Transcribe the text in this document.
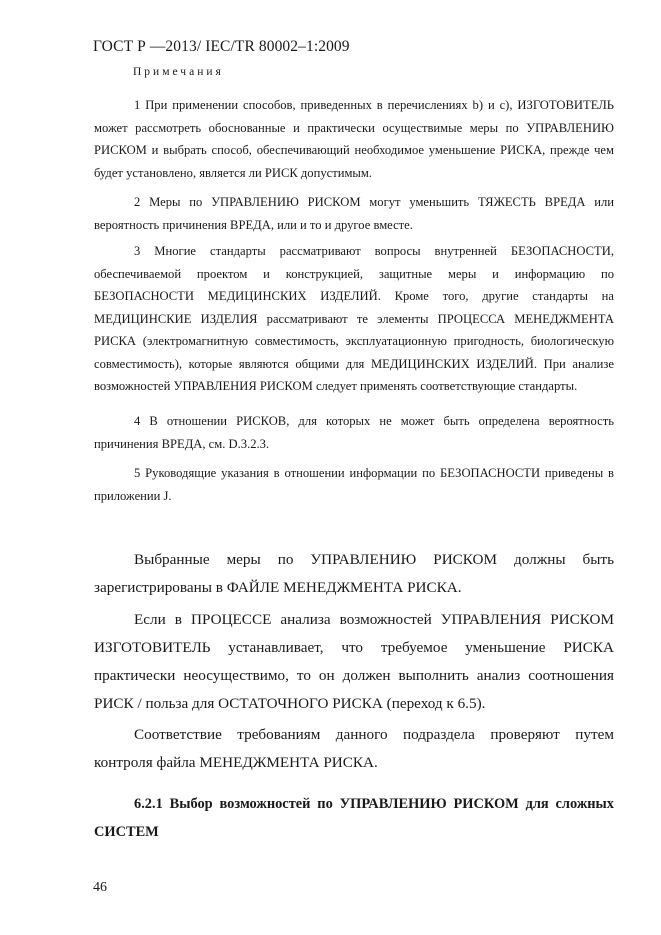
ГОСТ Р —2013/ IEC/TR 80002–1:2009
Примечания

1 При применении способов, приведенных в перечислениях b) и c), ИЗГОТОВИТЕЛЬ может рассмотреть обоснованные и практически осуществимые меры по УПРАВЛЕНИЮ РИСКОМ и выбрать способ, обеспечивающий необходимое уменьшение РИСКА, прежде чем будет установлено, является ли РИСК допустимым.

2 Меры по УПРАВЛЕНИЮ РИСКОМ могут уменьшить ТЯЖЕСТЬ ВРЕДА или вероятность причинения ВРЕДА, или и то и другое вместе.

3 Многие стандарты рассматривают вопросы внутренней БЕЗОПАСНОСТИ, обеспечиваемой проектом и конструкцией, защитные меры и информацию по БЕЗОПАСНОСТИ МЕДИЦИНСКИХ ИЗДЕЛИЙ. Кроме того, другие стандарты на МЕДИЦИНСКИЕ ИЗДЕЛИЯ рассматривают те элементы ПРОЦЕССА МЕНЕДЖМЕНТА РИСКА (электромагнитную совместимость, эксплуатационную пригодность, биологическую совместимость), которые являются общими для МЕДИЦИНСКИХ ИЗДЕЛИЙ. При анализе возможностей УПРАВЛЕНИЯ РИСКОМ следует применять соответствующие стандарты.

4 В отношении РИСКОВ, для которых не может быть определена вероятность причинения ВРЕДА, см. D.3.2.3.

5 Руководящие указания в отношении информации по БЕЗОПАСНОСТИ приведены в приложении J.

Выбранные меры по УПРАВЛЕНИЮ РИСКОМ должны быть зарегистрированы в ФАЙЛЕ МЕНЕДЖМЕНТА РИСКА.

Если в ПРОЦЕССЕ анализа возможностей УПРАВЛЕНИЯ РИСКОМ ИЗГОТОВИТЕЛЬ устанавливает, что требуемое уменьшение РИСКА практически неосуществимо, то он должен выполнить анализ соотношения РИСК / польза для ОСТАТОЧНОГО РИСКА (переход к 6.5).

Соответствие требованиям данного подраздела проверяют путем контроля файла МЕНЕДЖМЕНТА РИСКА.

6.2.1 Выбор возможностей по УПРАВЛЕНИЮ РИСКОМ для сложных СИСТЕМ

46
